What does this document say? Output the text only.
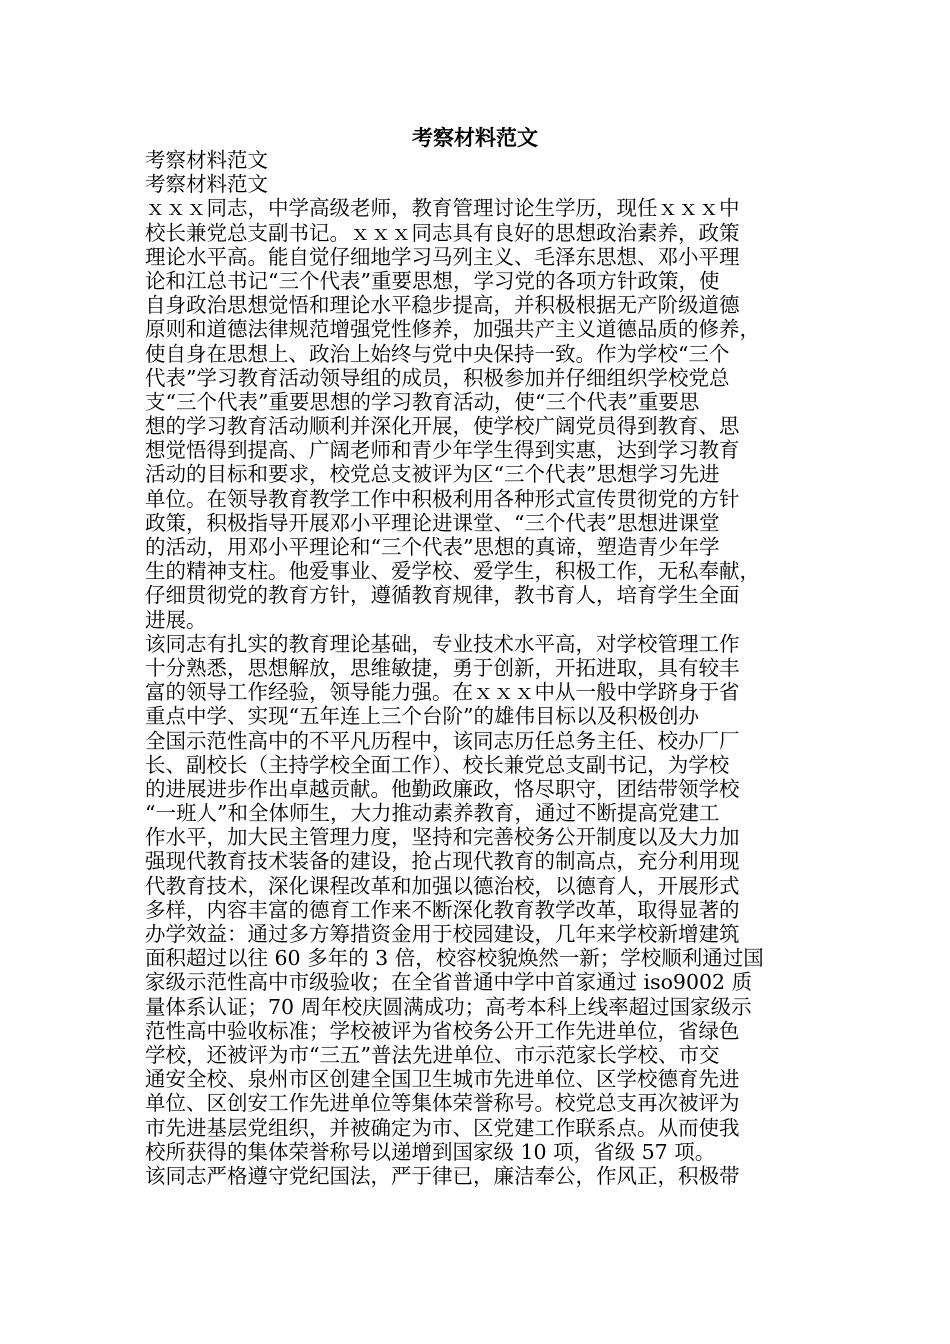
考察材料范文
考察材料范文
考察材料范文
ｘｘｘ同志，中学高级老师，教育管理讨论生学历，现任ｘｘｘ中
校长兼党总支副书记。ｘｘｘ同志具有良好的思想政治素养，政策
理论水平高。能自觉仔细地学习马列主义、毛泽东思想、邓小平理
论和江总书记“三个代表”重要思想，学习党的各项方针政策，使
自身政治思想觉悟和理论水平稳步提高，并积极根据无产阶级道德
原则和道德法律规范增强党性修养，加强共产主义道德品质的修养，
使自身在思想上、政治上始终与党中央保持一致。作为学校“三个
代表”学习教育活动领导组的成员，积极参加并仔细组织学校党总
支“三个代表”重要思想的学习教育活动，使“三个代表”重要思
想的学习教育活动顺利并深化开展，使学校广阔党员得到教育、思
想觉悟得到提高、广阔老师和青少年学生得到实惠，达到学习教育
活动的目标和要求，校党总支被评为区“三个代表”思想学习先进
单位。在领导教育教学工作中积极利用各种形式宣传贯彻党的方针
政策，积极指导开展邓小平理论进课堂、“三个代表”思想进课堂
的活动，用邓小平理论和“三个代表”思想的真谛，塑造青少年学
生的精神支柱。他爱事业、爱学校、爱学生，积极工作，无私奉献，
仔细贯彻党的教育方针，遵循教育规律，教书育人，培育学生全面
进展。
该同志有扎实的教育理论基础，专业技术水平高，对学校管理工作
十分熟悉，思想解放，思维敏捷，勇于创新，开拓进取，具有较丰
富的领导工作经验，领导能力强。在ｘｘｘ中从一般中学跻身于省
重点中学、实现“五年连上三个台阶”的雄伟目标以及积极创办
全国示范性高中的不平凡历程中，该同志历任总务主任、校办厂厂
长、副校长（主持学校全面工作）、校长兼党总支副书记，为学校
的进展进步作出卓越贡献。他勤政廉政，恪尽职守，团结带领学校
“一班人”和全体师生，大力推动素养教育，通过不断提高党建工
作水平，加大民主管理力度，坚持和完善校务公开制度以及大力加
强现代教育技术装备的建设，抢占现代教育的制高点，充分利用现
代教育技术，深化课程改革和加强以德治校，以德育人，开展形式
多样，内容丰富的德育工作来不断深化教育教学改革，取得显著的
办学效益：通过多方筹措资金用于校园建设，几年来学校新增建筑
面积超过以往 60 多年的 3 倍，校容校貌焕然一新；学校顺利通过国
家级示范性高中市级验收；在全省普通中学中首家通过 iso9002 质
量体系认证；70 周年校庆圆满成功；高考本科上线率超过国家级示
范性高中验收标准；学校被评为省校务公开工作先进单位，省绿色
学校，还被评为市“三五”普法先进单位、市示范家长学校、市交
通安全校、泉州市区创建全国卫生城市先进单位、区学校德育先进
单位、区创安工作先进单位等集体荣誉称号。校党总支再次被评为
市先进基层党组织，并被确定为市、区党建工作联系点。从而使我
校所获得的集体荣誉称号以递增到国家级 10 项，省级 57 项。
该同志严格遵守党纪国法，严于律已，廉洁奉公，作风正，积极带
